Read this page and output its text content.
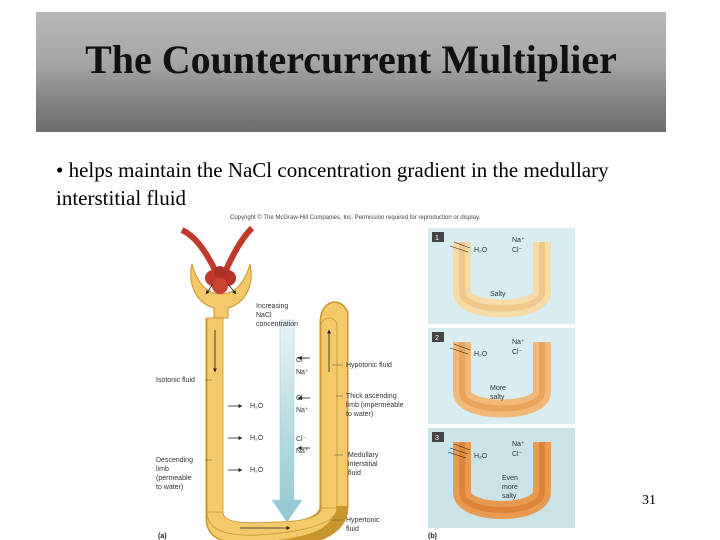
The Countercurrent Multiplier
• helps maintain the NaCl concentration gradient in the medullary interstitial fluid
Copyright © The McGraw-Hill Companies, Inc. Permission required for reproduction or display.
Increasing
NaCl
concentration
Isotonic fluid
Hypotonic fluid
Thick ascending
limb (impermeable
to water)
Descending
limb
(permeable
to water)
Medullary
interstitial
fluid
Hypertonic
fluid
Cl⁻
Na⁺
Cl
Na⁺
Cl⁻
Na⁺
H₂O
H₂O
H₂O
(a)
1
H₂O
Na⁺
Cl⁻
Salty
2
H₂O
Na⁺
Cl⁻
More
salty
3
H₂O
Na⁺
Cl⁻
Even
more
salty
(b)
31
